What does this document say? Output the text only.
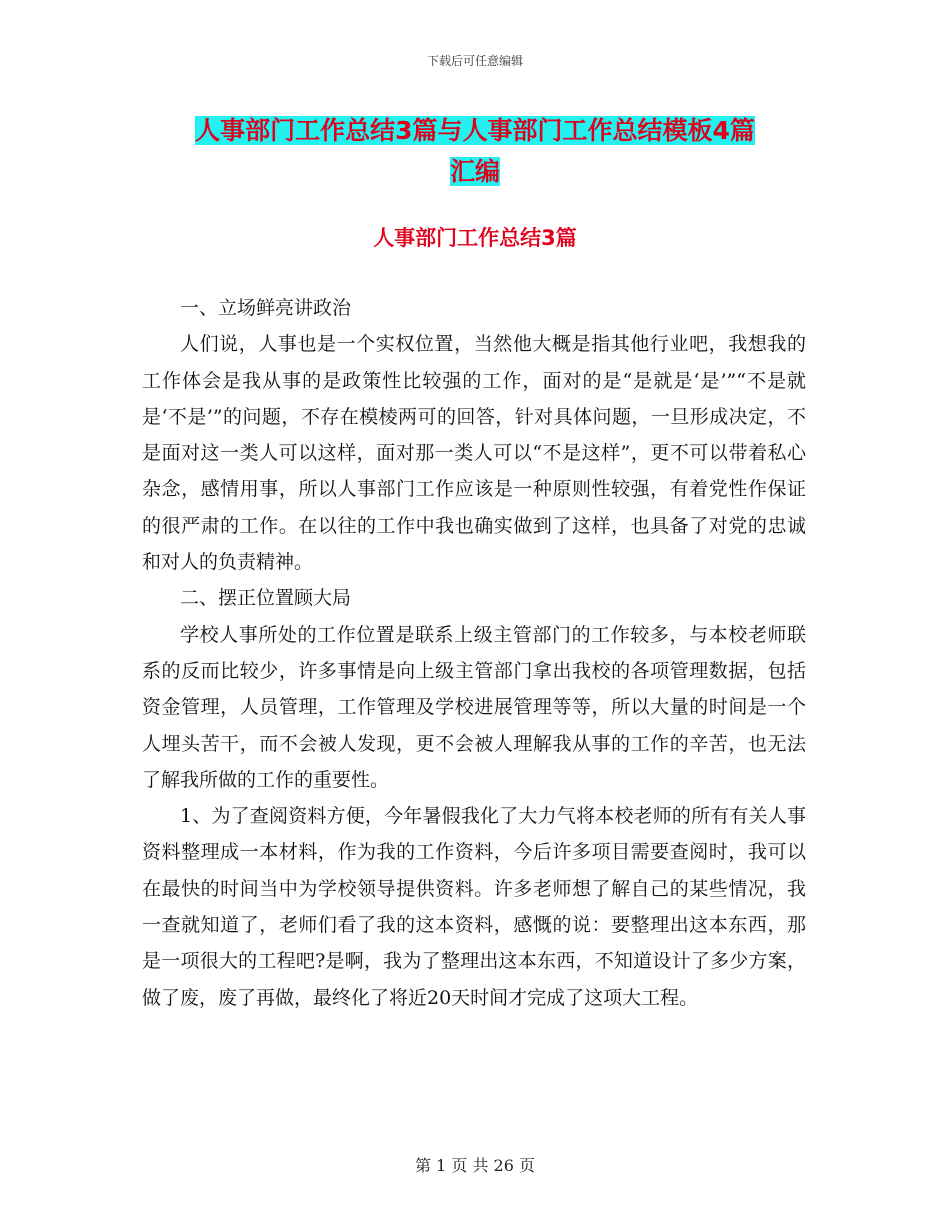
下载后可任意编辑
人事部门工作总结3篇与人事部门工作总结模板4篇
汇编
人事部门工作总结3篇

一、立场鲜亮讲政治

人们说，人事也是一个实权位置，当然他大概是指其他行业吧，我想我的工作体会是我从事的是政策性比较强的工作，面对的是“是就是‘是’”“不是就是‘不是’”的问题，不存在模棱两可的回答，针对具体问题，一旦形成决定，不是面对这一类人可以这样，面对那一类人可以“不是这样”，更不可以带着私心杂念，感情用事，所以人事部门工作应该是一种原则性较强，有着党性作保证的很严肃的工作。在以往的工作中我也确实做到了这样，也具备了对党的忠诚和对人的负责精神。

二、摆正位置顾大局

学校人事所处的工作位置是联系上级主管部门的工作较多，与本校老师联系的反而比较少，许多事情是向上级主管部门拿出我校的各项管理数据，包括资金管理，人员管理，工作管理及学校进展管理等等，所以大量的时间是一个人埋头苦干，而不会被人发现，更不会被人理解我从事的工作的辛苦，也无法了解我所做的工作的重要性。

1、为了查阅资料方便，今年暑假我化了大力气将本校老师的所有有关人事资料整理成一本材料，作为我的工作资料，今后许多项目需要查阅时，我可以在最快的时间当中为学校领导提供资料。许多老师想了解自己的某些情况，我一查就知道了，老师们看了我的这本资料，感慨的说：要整理出这本东西，那是一项很大的工程吧?是啊，我为了整理出这本东西，不知道设计了多少方案，做了废，废了再做，最终化了将近20天时间才完成了这项大工程。

第 1 页 共 26 页
